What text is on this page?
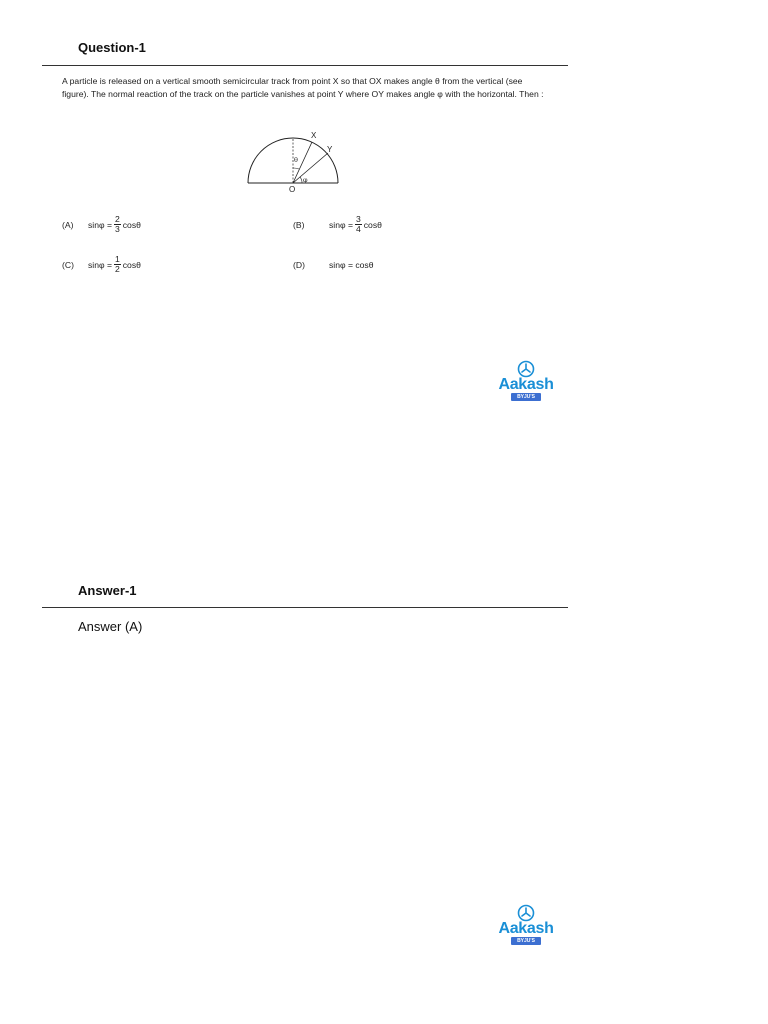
Question-1
A particle is released on a vertical smooth semicircular track from point X so that OX makes angle θ from the vertical (see figure). The normal reaction of the track on the particle vanishes at point Y where OY makes angle φ with the horizontal. Then :
X
Y
O
θ
φ
(A)	$\sin\varphi = \frac{2}{3}$ cosθ	(B)	$\sin\varphi = \frac{3}{4}$ cosθ
(C)	$\sin\varphi = \frac{1}{2}$ cosθ	(D)	sinφ = cosθ
Aakash
BYJU'S
Answer-1
Answer (A)
Aakash
BYJU'S
